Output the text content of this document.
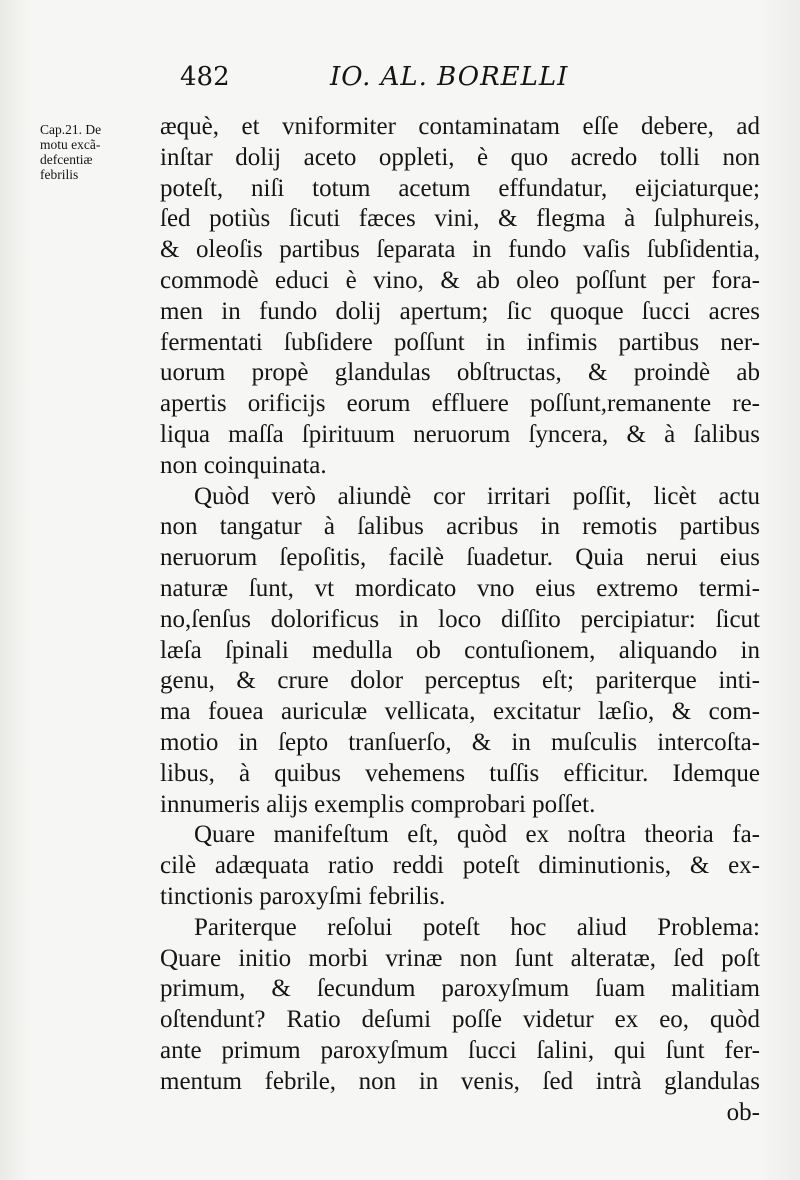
482	IO. AL. BORELLI
Cap.21. De
motu excã-
defcentiæ
febrilis
æquè, et vniformiter contaminatam eſſe debere, ad
inſtar dolij aceto oppleti, è quo acredo tolli non
poteſt, niſi totum acetum effundatur, eijciaturque;
ſed potiùs ſicuti fæces vini, & flegma à ſulphureis,
& oleoſis partibus ſeparata in fundo vaſis ſubſidentia,
commodè educi è vino, & ab oleo poſſunt per fora-
men in fundo dolij apertum; ſic quoque ſucci acres
fermentati ſubſidere poſſunt in infimis partibus ner-
uorum propè glandulas obſtructas, & proindè ab
apertis orificijs eorum effluere poſſunt,remanente re-
liqua maſſa ſpirituum neruorum ſyncera, & à ſalibus
non coinquinata.
Quòd verò aliundè cor irritari poſſit, licèt actu
non tangatur à ſalibus acribus in remotis partibus
neruorum ſepoſitis, facilè ſuadetur. Quia nerui eius
naturæ ſunt, vt mordicato vno eius extremo termi-
no,ſenſus dolorificus in loco diſſito percipiatur: ſicut
læſa ſpinali medulla ob contuſionem, aliquando in
genu, & crure dolor perceptus eſt; pariterque inti-
ma fouea auriculæ vellicata, excitatur læſio, & com-
motio in ſepto tranſuerſo, & in muſculis intercoſta-
libus, à quibus vehemens tuſſis efficitur. Idemque
innumeris alijs exemplis comprobari poſſet.
Quare manifeſtum eſt, quòd ex noſtra theoria fa-
cilè adæquata ratio reddi poteſt diminutionis, & ex-
tinctionis paroxyſmi febrilis.
Pariterque reſolui poteſt hoc aliud Problema:
Quare initio morbi vrinæ non ſunt alteratæ, ſed poſt
primum, & ſecundum paroxyſmum ſuam malitiam
oſtendunt? Ratio deſumi poſſe videtur ex eo, quòd
ante primum paroxyſmum ſucci ſalini, qui ſunt fer-
mentum febrile, non in venis, ſed intrà glandulas
ob-
